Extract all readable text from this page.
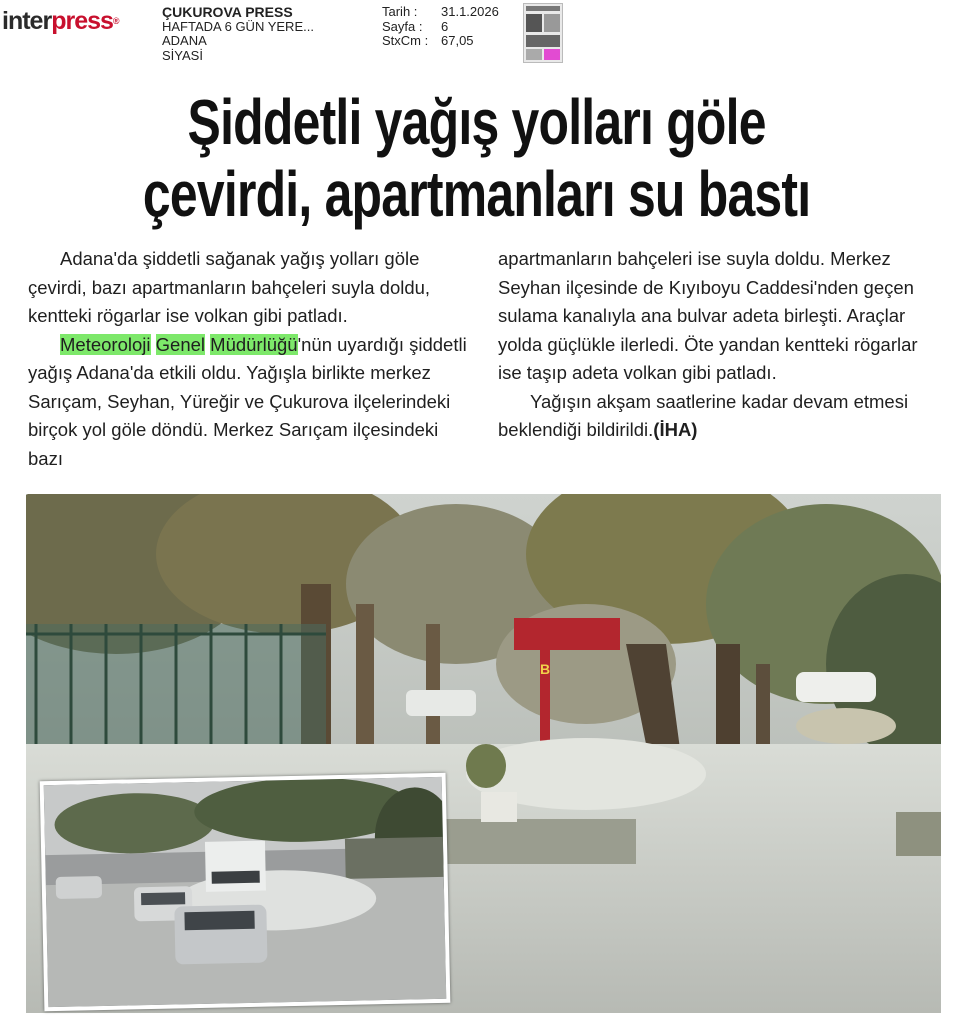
interpress®
ÇUKUROVA PRESS
HAFTADA 6 GÜN YERE...
ADANA
SİYASİ
Tarih :	31.1.2026
Sayfa :	6
StxCm : 67,05
Şiddetli yağış yolları göle
çevirdi, apartmanları su bastı

Adana'da şiddetli sağanak yağış yolları göle çevirdi, bazı apartmanların bahçeleri suyla doldu, kentteki rögarlar ise volkan gibi patladı.

Meteoroloji Genel Müdürlüğü'nün uyardığı şiddetli yağış Adana'da etkili oldu. Yağışla birlikte merkez Sarıçam, Seyhan, Yüreğir ve Çukurova ilçelerindeki birçok yol göle döndü. Merkez Sarıçam ilçesindeki bazı

apartmanların bahçeleri ise suyla doldu. Merkez Seyhan ilçesinde de Kıyıboyu Caddesi'nden geçen sulama kanalıyla ana bulvar adeta birleşti. Araçlar yolda güçlükle ilerledi. Öte yandan kentteki rögarlar ise taşıp adeta volkan gibi patladı.

Yağışın akşam saatlerine kadar devam etmesi beklendiği bildirildi.(İHA)

B
